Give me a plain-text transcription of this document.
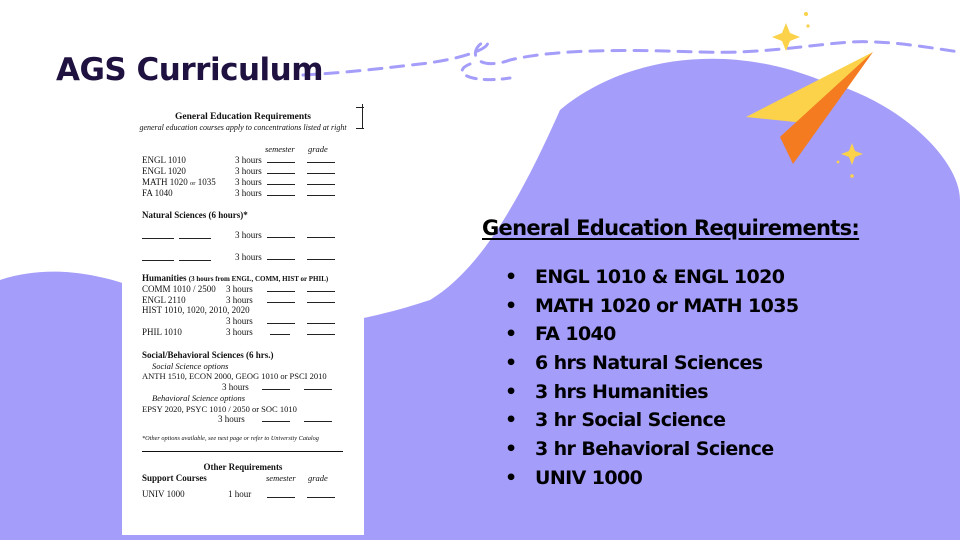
AGS Curriculum
General Education Requirements
general education courses apply to concentrations listed at right
semester grade
ENGL 1010	3 hours
ENGL 1020	3 hours
MATH 1020 or 1035 3 hours
FA 1040	3 hours
Natural Sciences (6 hours)*
3 hours
3 hours
Humanities (3 hours from ENGL, COMM, HIST or PHIL)
COMM 1010 / 2500 3 hours
ENGL 2110	3 hours
HIST 1010, 1020, 2010, 2020
3 hours
PHIL 1010	3 hours
Social/Behavioral Sciences (6 hrs.)
Social Science options
ANTH 1510, ECON 2000, GEOG 1010 or PSCI 2010
3 hours
Behavioral Science options
EPSY 2020, PSYC 1010 / 2050 or SOC 1010
3 hours
*Other options available, see next page or refer to University Catalog
Other Requirements
Support Courses	semester grade
UNIV 1000	1 hour
General Education Requirements:
• ENGL 1010 & ENGL 1020
• MATH 1020 or MATH 1035
• FA 1040
• 6 hrs Natural Sciences
• 3 hrs Humanities
• 3 hr Social Science
• 3 hr Behavioral Science
• UNIV 1000
